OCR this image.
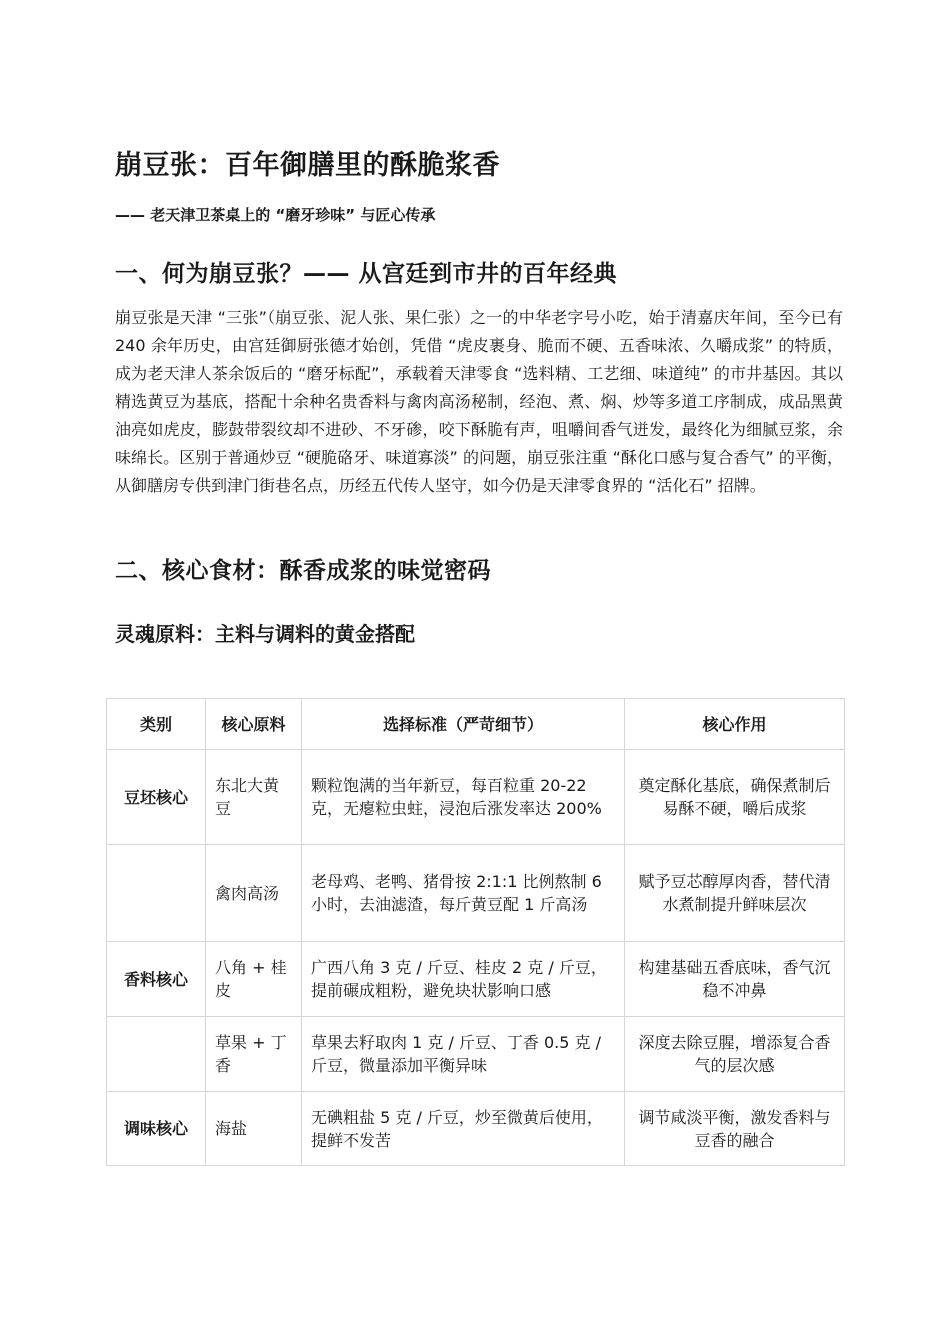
崩豆张：百年御膳里的酥脆浆香

—— 老天津卫茶桌上的 “磨牙珍味” 与匠心传承

一、何为崩豆张？—— 从宫廷到市井的百年经典

崩豆张是天津 “三张”（崩豆张、泥人张、果仁张）之一的中华老字号小吃，始于清嘉庆年间，至今已有 240 余年历史，由宫廷御厨张德才始创，凭借 “虎皮裹身、脆而不硬、五香味浓、久嚼成浆” 的特质，成为老天津人茶余饭后的 “磨牙标配”，承载着天津零食 “选料精、工艺细、味道纯” 的市井基因。其以精选黄豆为基底，搭配十余种名贵香料与禽肉高汤秘制，经泡、煮、焖、炒等多道工序制成，成品黑黄油亮如虎皮，膨鼓带裂纹却不进砂、不牙碜，咬下酥脆有声，咀嚼间香气迸发，最终化为细腻豆浆，余味绵长。区别于普通炒豆 “硬脆硌牙、味道寡淡” 的问题，崩豆张注重 “酥化口感与复合香气” 的平衡，从御膳房专供到津门街巷名点，历经五代传人坚守，如今仍是天津零食界的 “活化石” 招牌。

二、核心食材：酥香成浆的味觉密码
灵魂原料：主料与调料的黄金搭配
类别	核心原料	选择标准（严苛细节）	核心作用
豆坯核心	东北大黄豆	颗粒饱满的当年新豆，每百粒重 20-22 克，无瘪粒虫蛀，浸泡后涨发率达 200%	奠定酥化基底，确保煮制后易酥不硬，嚼后成浆
	禽肉高汤	老母鸡、老鸭、猪骨按 2:1:1 比例熬制 6 小时，去油滤渣，每斤黄豆配 1 斤高汤	赋予豆芯醇厚肉香，替代清水煮制提升鲜味层次
香料核心	八角 + 桂皮	广西八角 3 克 / 斤豆、桂皮 2 克 / 斤豆，提前碾成粗粉，避免块状影响口感	构建基础五香底味，香气沉稳不冲鼻
	草果 + 丁香	草果去籽取肉 1 克 / 斤豆、丁香 0.5 克 / 斤豆，微量添加平衡异味	深度去除豆腥，增添复合香气的层次感
调味核心	海盐	无碘粗盐 5 克 / 斤豆，炒至微黄后使用，提鲜不发苦	调节咸淡平衡，激发香料与豆香的融合
